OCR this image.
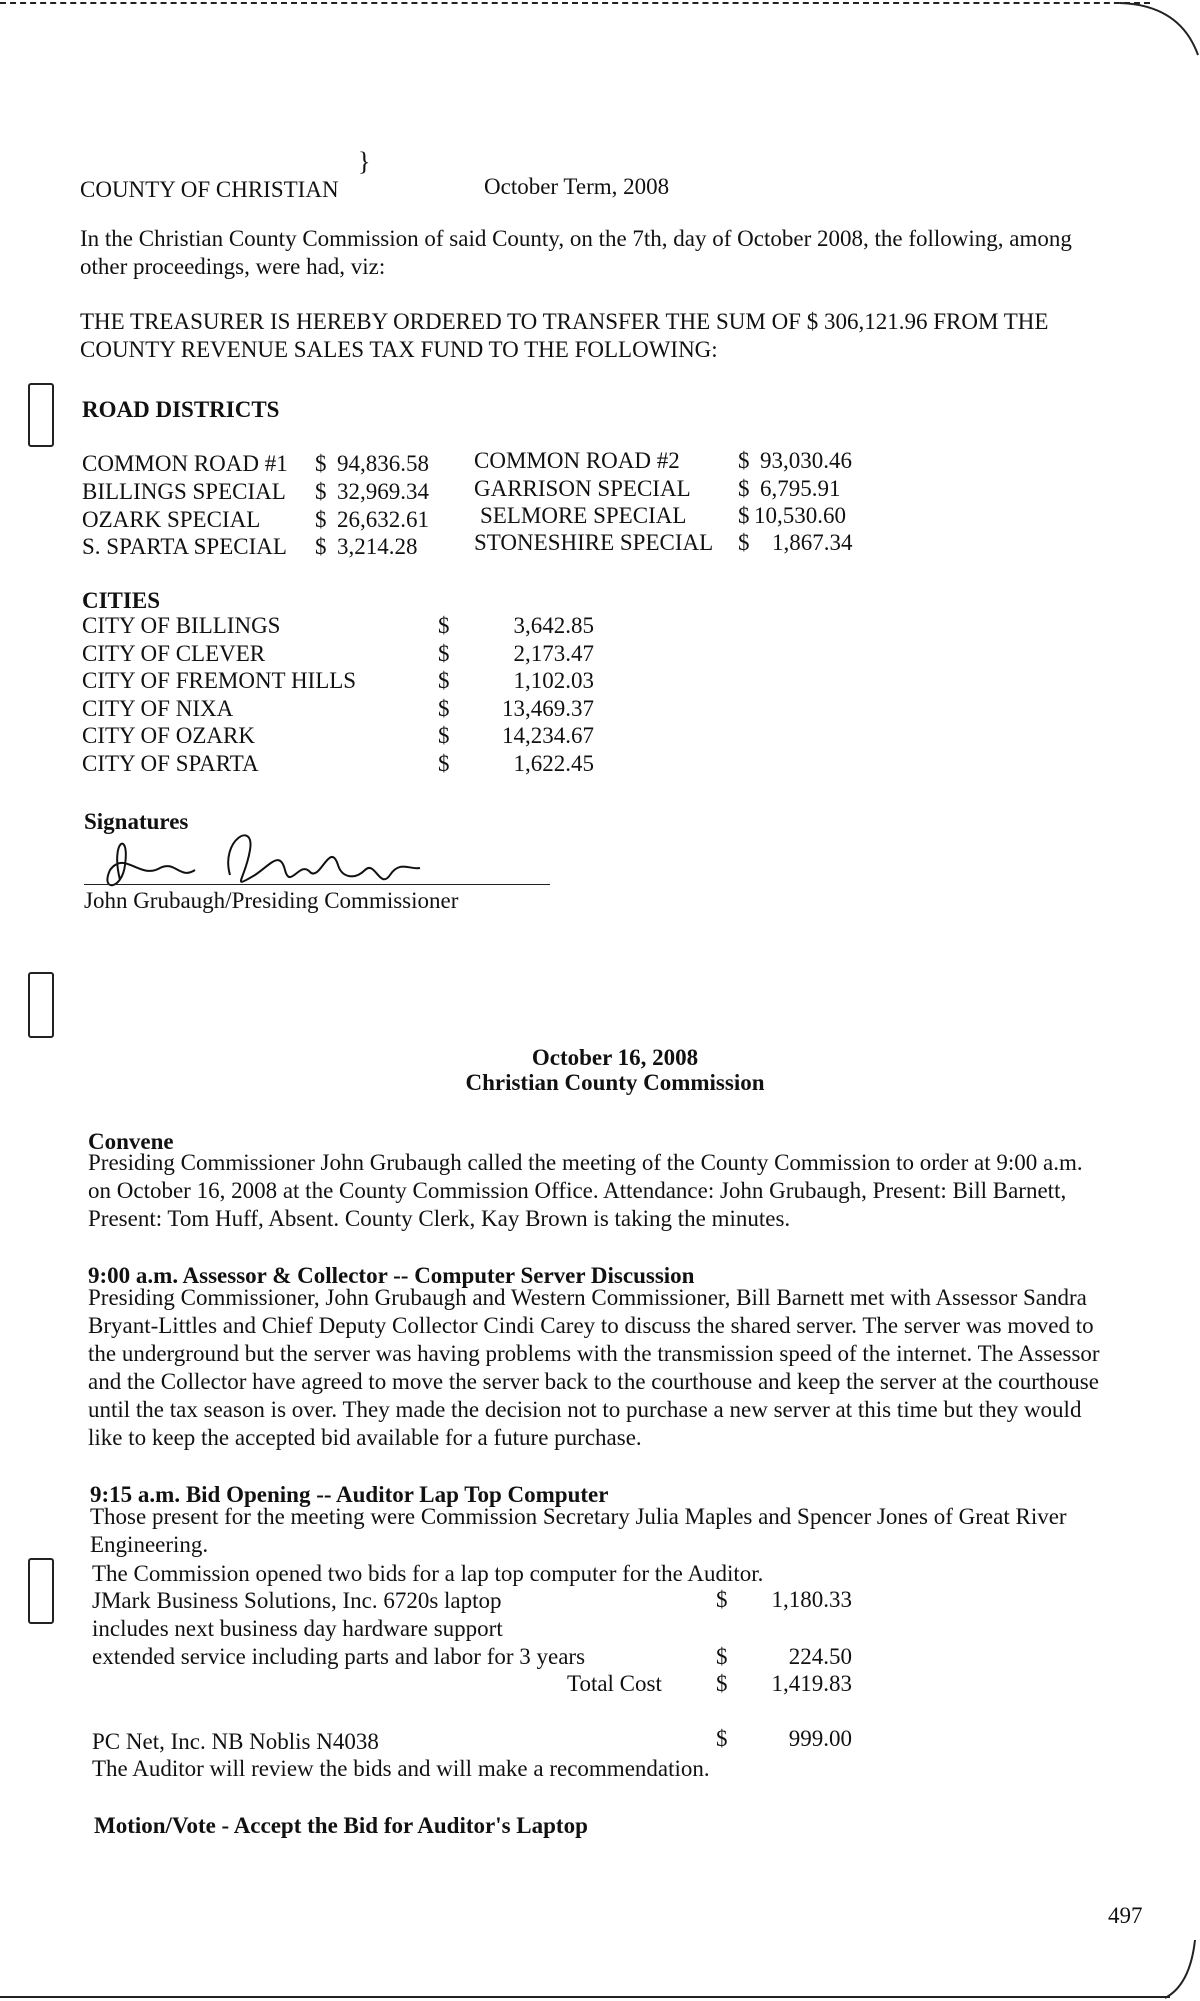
}
COUNTY OF CHRISTIAN	October Term, 2008
In the Christian County Commission of said County, on the 7th, day of October 2008, the following, among other proceedings, were had, viz:
THE TREASURER IS HEREBY ORDERED TO TRANSFER THE SUM OF $ 306,121.96 FROM THE COUNTY REVENUE SALES TAX FUND TO THE FOLLOWING:
ROAD DISTRICTS
COMMON ROAD #1 $ 94,836.58
BILLINGS SPECIAL $ 32,969.34
OZARK SPECIAL $ 26,632.61
S. SPARTA SPECIAL $ 3,214.28
COMMON ROAD #2	$ 93,030.46
GARRISON SPECIAL $ 6,795.91
SELMORE SPECIAL $ 10,530.60
STONESHIRE SPECIAL $ 1,867.34
CITIES
CITY OF BILLINGS	$	3,642.85
CITY OF CLEVER	$	2,173.47
CITY OF FREMONT HILLS	$	1,102.03
CITY OF NIXA	$	13,469.37
CITY OF OZARK	$	14,234.67
CITY OF SPARTA	$	1,622.45
Signatures
John Grubaugh/Presiding Commissioner
October 16, 2008
Christian County Commission
Convene
Presiding Commissioner John Grubaugh called the meeting of the County Commission to order at 9:00 a.m. on October 16, 2008 at the County Commission Office. Attendance: John Grubaugh, Present: Bill Barnett, Present: Tom Huff, Absent. County Clerk, Kay Brown is taking the minutes.
9:00 a.m. Assessor & Collector -- Computer Server Discussion
Presiding Commissioner, John Grubaugh and Western Commissioner, Bill Barnett met with Assessor Sandra Bryant-Littles and Chief Deputy Collector Cindi Carey to discuss the shared server. The server was moved to the underground but the server was having problems with the transmission speed of the internet. The Assessor and the Collector have agreed to move the server back to the courthouse and keep the server at the courthouse until the tax season is over. They made the decision not to purchase a new server at this time but they would like to keep the accepted bid available for a future purchase.
9:15 a.m. Bid Opening -- Auditor Lap Top Computer
Those present for the meeting were Commission Secretary Julia Maples and Spencer Jones of Great River Engineering.
The Commission opened two bids for a lap top computer for the Auditor.
JMark Business Solutions, Inc. 6720s laptop	$	1,180.33
includes next business day hardware support
extended service including parts and labor for 3 years	$	224.50
Total Cost $	1,419.83
PC Net, Inc. NB Noblis N4038	$	999.00
The Auditor will review the bids and will make a recommendation.
Motion/Vote - Accept the Bid for Auditor's Laptop
497
